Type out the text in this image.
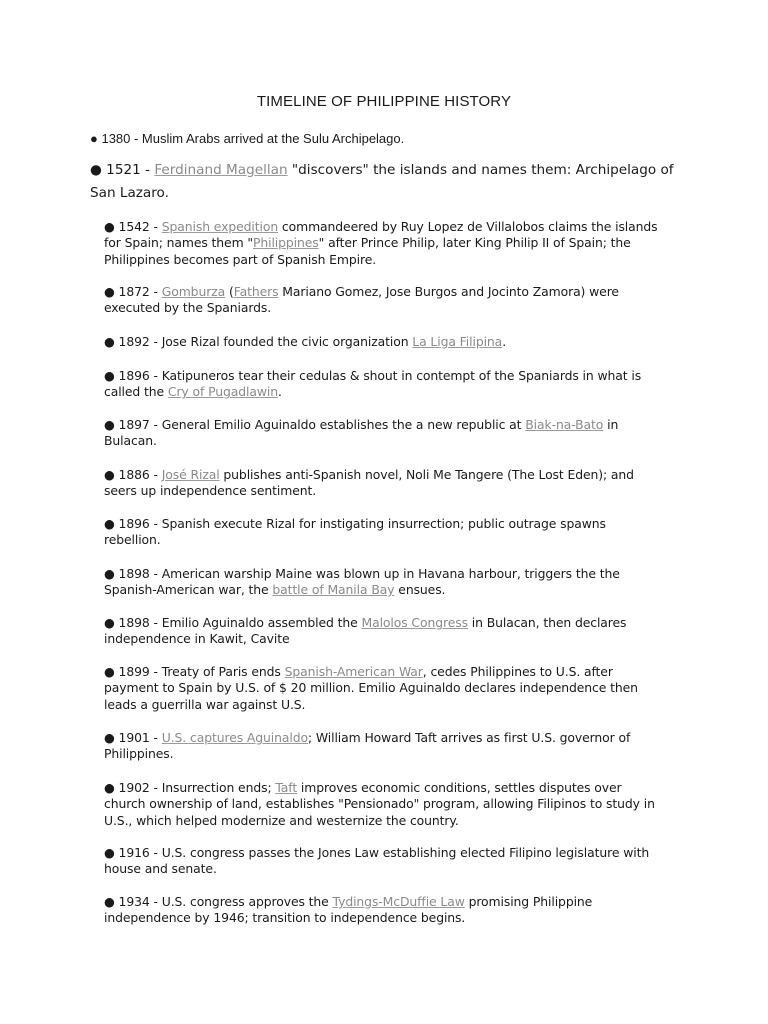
TIMELINE OF PHILIPPINE HISTORY

● 1380 - Muslim Arabs arrived at the Sulu Archipelago.

● 1521 - Ferdinand Magellan "discovers" the islands and names them: Archipelago of San Lazaro.

● 1542 - Spanish expedition commandeered by Ruy Lopez de Villalobos claims the islands for Spain; names them "Philippines" after Prince Philip, later King Philip II of Spain; the Philippines becomes part of Spanish Empire.

● 1872 - Gomburza (Fathers Mariano Gomez, Jose Burgos and Jocinto Zamora) were executed by the Spaniards.

● 1892 - Jose Rizal founded the civic organization La Liga Filipina.

● 1896 - Katipuneros tear their cedulas & shout in contempt of the Spaniards in what is called the Cry of Pugadlawin.

● 1897 - General Emilio Aguinaldo establishes the a new republic at Biak-na-Bato in Bulacan.

● 1886 - José Rizal publishes anti-Spanish novel, Noli Me Tangere (The Lost Eden); and seers up independence sentiment.

● 1896 - Spanish execute Rizal for instigating insurrection; public outrage spawns rebellion.

● 1898 - American warship Maine was blown up in Havana harbour, triggers the the Spanish-American war, the battle of Manila Bay ensues.

● 1898 - Emilio Aguinaldo assembled the Malolos Congress in Bulacan, then declares independence in Kawit, Cavite

● 1899 - Treaty of Paris ends Spanish-American War, cedes Philippines to U.S. after payment to Spain by U.S. of $ 20 million. Emilio Aguinaldo declares independence then leads a guerrilla war against U.S.

● 1901 - U.S. captures Aguinaldo; William Howard Taft arrives as first U.S. governor of Philippines.

● 1902 - Insurrection ends; Taft improves economic conditions, settles disputes over church ownership of land, establishes "Pensionado" program, allowing Filipinos to study in U.S., which helped modernize and westernize the country.

● 1916 - U.S. congress passes the Jones Law establishing elected Filipino legislature with house and senate.

● 1934 - U.S. congress approves the Tydings-McDuffie Law promising Philippine independence by 1946; transition to independence begins.
